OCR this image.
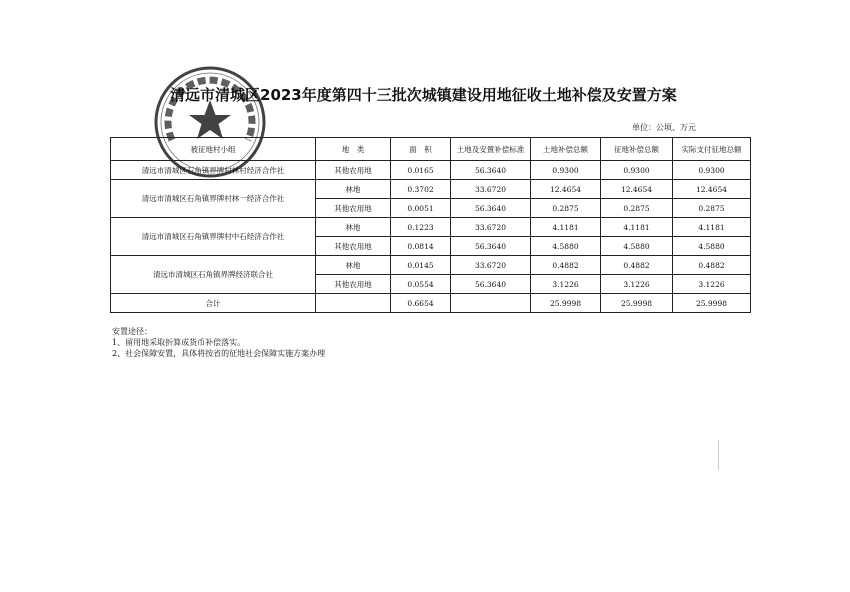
清远市清城区2023年度第四十三批次城镇建设用地征收土地补偿及安置方案
单位：公顷、万元
被征地村小组	地　类	面　积	土地及安置补偿标准	土地补偿总额	征地补偿总额	实际支付征地总额
清远市清城区石角镇界牌村林村经济合作社	其他农用地	0.0165	56.3640	0.9300	0.9300	0.9300
清远市清城区石角镇界牌村林一经济合作社	林地	0.3702	33.6720	12.4654	12.4654	12.4654
	其他农用地	0.0051	56.3640	0.2875	0.2875	0.2875
清远市清城区石角镇界牌村中石经济合作社	林地	0.1223	33.6720	4.1181	4.1181	4.1181
	其他农用地	0.0814	56.3640	4.5880	4.5880	4.5880
清远市清城区石角镇界牌经济联合社	林地	0.0145	33.6720	0.4882	0.4882	0.4882
	其他农用地	0.0554	56.3640	3.1226	3.1226	3.1226
合计		0.6654		25.9998	25.9998	25.9998
安置途径：
1、留用地采取折算成货币补偿落实。
2、社会保障安置，具体将按省的征地社会保障实施方案办理
